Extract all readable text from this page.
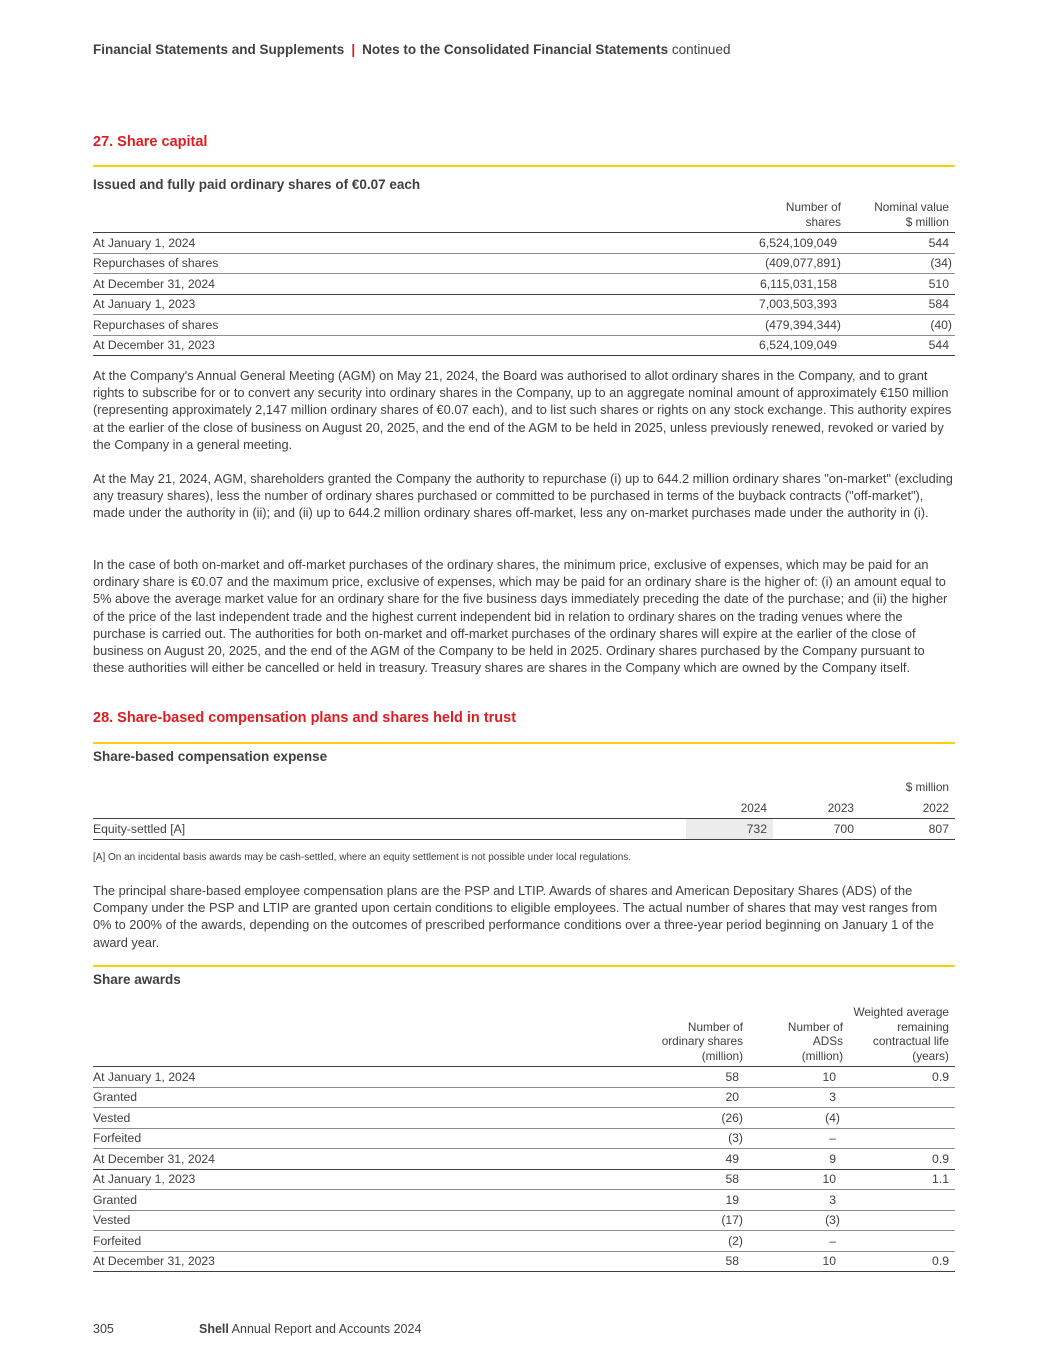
Financial Statements and Supplements | Notes to the Consolidated Financial Statements continued
27. Share capital
Issued and fully paid ordinary shares of €0.07 each
	Number of shares	Nominal value $ million
At January 1, 2024	6,524,109,049	544
Repurchases of shares	(409,077,891)	(34)
At December 31, 2024	6,115,031,158	510
At January 1, 2023	7,003,503,393	584
Repurchases of shares	(479,394,344)	(40)
At December 31, 2023	6,524,109,049	544

At the Company's Annual General Meeting (AGM) on May 21, 2024, the Board was authorised to allot ordinary shares in the Company, and to grant rights to subscribe for or to convert any security into ordinary shares in the Company, up to an aggregate nominal amount of approximately €150 million (representing approximately 2,147 million ordinary shares of €0.07 each), and to list such shares or rights on any stock exchange. This authority expires at the earlier of the close of business on August 20, 2025, and the end of the AGM to be held in 2025, unless previously renewed, revoked or varied by the Company in a general meeting.

At the May 21, 2024, AGM, shareholders granted the Company the authority to repurchase (i) up to 644.2 million ordinary shares "on-market" (excluding any treasury shares), less the number of ordinary shares purchased or committed to be purchased in terms of the buyback contracts ("off-market"), made under the authority in (ii); and (ii) up to 644.2 million ordinary shares off-market, less any on-market purchases made under the authority in (i).

In the case of both on-market and off-market purchases of the ordinary shares, the minimum price, exclusive of expenses, which may be paid for an ordinary share is €0.07 and the maximum price, exclusive of expenses, which may be paid for an ordinary share is the higher of: (i) an amount equal to 5% above the average market value for an ordinary share for the five business days immediately preceding the date of the purchase; and (ii) the higher of the price of the last independent trade and the highest current independent bid in relation to ordinary shares on the trading venues where the purchase is carried out. The authorities for both on-market and off-market purchases of the ordinary shares will expire at the earlier of the close of business on August 20, 2025, and the end of the AGM of the Company to be held in 2025. Ordinary shares purchased by the Company pursuant to these authorities will either be cancelled or held in treasury. Treasury shares are shares in the Company which are owned by the Company itself.

28. Share-based compensation plans and shares held in trust
Share-based compensation expense
			$ million
	2024	2023	2022
Equity-settled [A]	732	700	807

[A] On an incidental basis awards may be cash-settled, where an equity settlement is not possible under local regulations.

The principal share-based employee compensation plans are the PSP and LTIP. Awards of shares and American Depositary Shares (ADS) of the Company under the PSP and LTIP are granted upon certain conditions to eligible employees. The actual number of shares that may vest ranges from 0% to 200% of the awards, depending on the outcomes of prescribed performance conditions over a three-year period beginning on January 1 of the award year.

Share awards
	Number of ordinary shares (million)	Number of ADSs (million)	Weighted average remaining contractual life (years)
At January 1, 2024	58	10	0.9
Granted	20	3	
Vested	(26)	(4)	
Forfeited	(3)	–	
At December 31, 2024	49	9	0.9
At January 1, 2023	58	10	1.1
Granted	19	3	
Vested	(17)	(3)	
Forfeited	(2)	–	
At December 31, 2023	58	10	0.9
305	Shell Annual Report and Accounts 2024
